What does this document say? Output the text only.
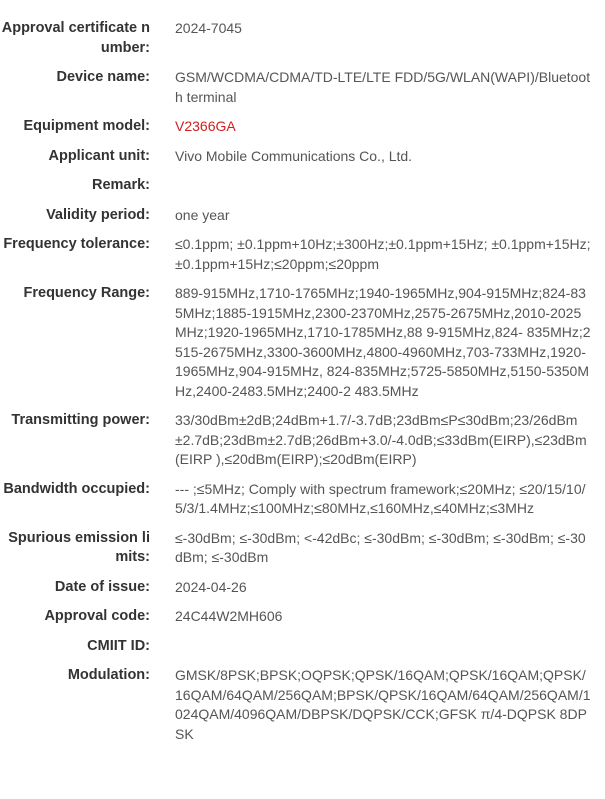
Approval certificate number:
2024-7045
Device name: GSM/WCDMA/CDMA/TD-LTE/LTE FDD/5G/WLAN(WAPI)/Bluetooth terminal
Equipment model: V2366GA
Applicant unit: Vivo Mobile Communications Co., Ltd.
Remark:
Validity period: one year
Frequency tolerance: ≤0.1ppm; ±0.1ppm+10Hz;±300Hz;±0.1ppm+15Hz; ±0.1ppm+15Hz;±0.1ppm+15Hz;≤20ppm;≤20ppm
Frequency Range: 889-915MHz,1710-1765MHz;1940-1965MHz,904-915MHz;824-835MHz;1885-1915MHz,2300-2370MHz,2575-2675MHz,2010-2025MHz;1920-1965MHz,1710-1785MHz,88 9-915MHz,824- 835MHz;2515-2675MHz,3300-3600MHz,4800-4960MHz,703-733MHz,1920-1965MHz,904-915MHz, 824-835MHz;5725-5850MHz,5150-5350MHz,2400-2483.5MHz;2400-2 483.5MHz
Transmitting power: 33/30dBm±2dB;24dBm+1.7/-3.7dB;23dBm≤P≤30dBm;23/26dBm±2.7dB;23dBm±2.7dB;26dBm+3.0/-4.0dB;≤33dBm(EIRP),≤23dBm(EIRP ),≤20dBm(EIRP);≤20dBm(EIRP)
Bandwidth occupied: --- ;≤5MHz; Comply with spectrum framework;≤20MHz; ≤20/15/10/5/3/1.4MHz;≤100MHz;≤80MHz,≤160MHz,≤40MHz;≤3MHz
Spurious emission limits:
≤-30dBm; ≤-30dBm; <-42dBc; ≤-30dBm; ≤-30dBm; ≤-30dBm; ≤-30dBm; ≤-30dBm
Date of issue: 2024-04-26
Approval code: 24C44W2MH606
CMIIT ID:
Modulation: GMSK/8PSK;BPSK;OQPSK;QPSK/16QAM;QPSK/16QAM;QPSK/16QAM/64QAM/256QAM;BPSK/QPSK/16QAM/64QAM/256QAM/1024QAM/4096QAM/DBPSK/DQPSK/CCK;GFSK π/4-DQPSK 8DPSK
